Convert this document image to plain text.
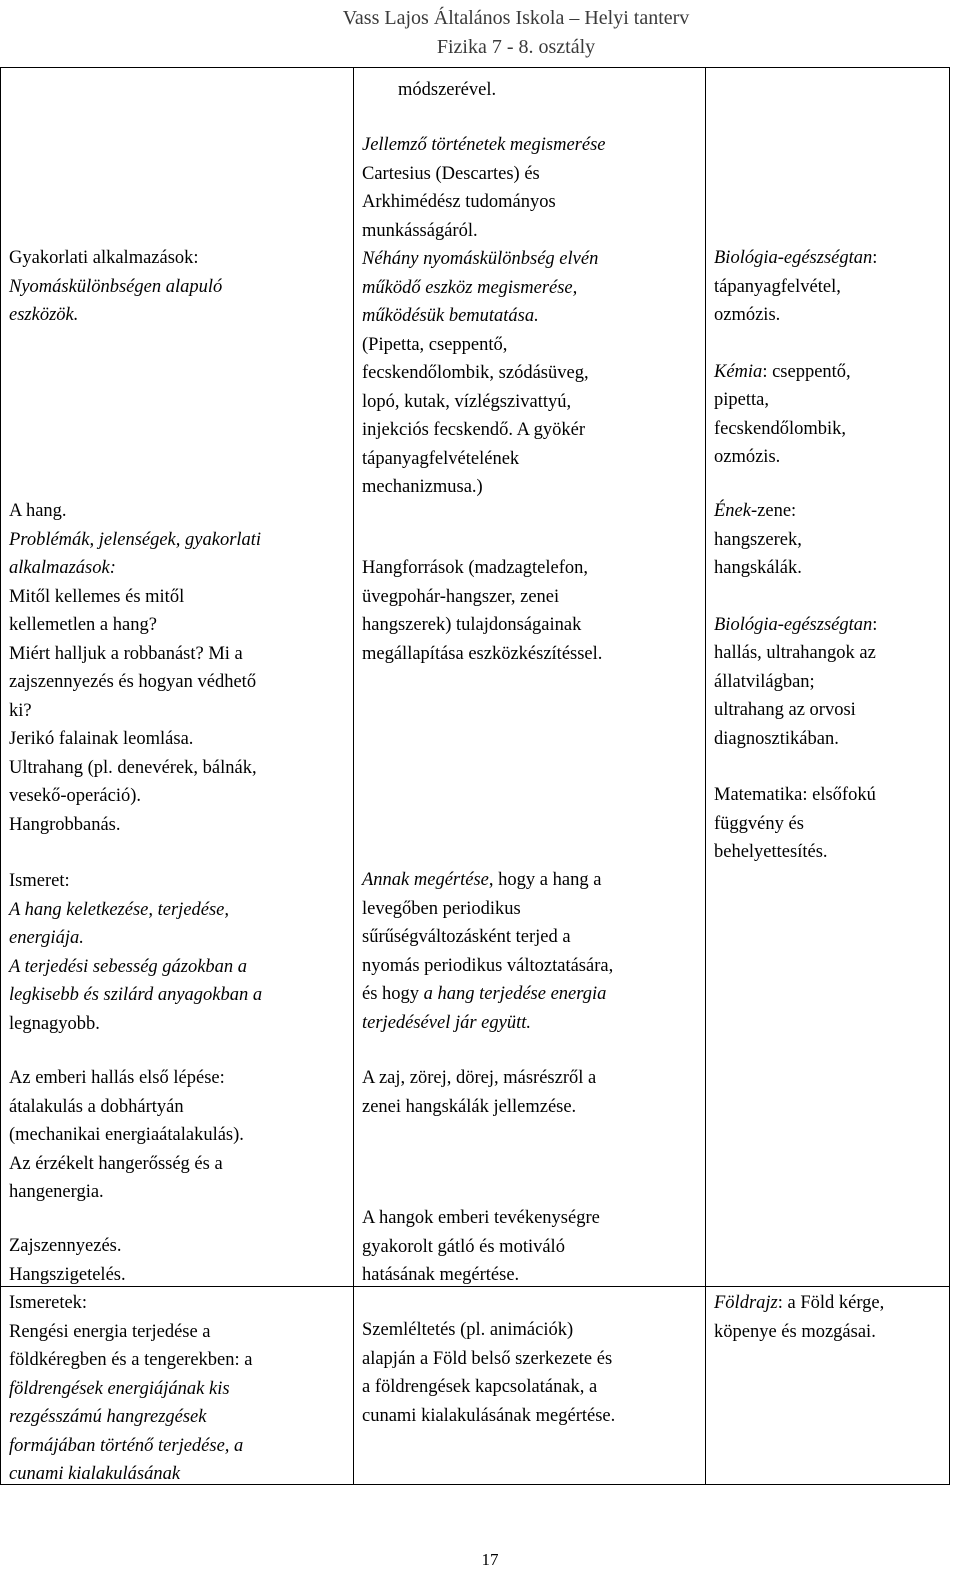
Vass Lajos Általános Iskola – Helyi tanterv
Fizika 7 - 8. osztály
módszerével.
Gyakorlati alkalmazások:
Nyomáskülönbségen alapuló
eszközök.
Jellemző történetek megismerése
Cartesius (Descartes) és
Arkhimédész tudományos
munkásságáról.
Néhány nyomáskülönbség elvén
működő eszköz megismerése,
működésük bemutatása.
(Pipetta, cseppentő,
fecskendőlombik, szódásüveg,
lopó, kutak, vízlégszivattyú,
injekciós fecskendő. A gyökér
tápanyagfelvételének
mechanizmusa.)
Biológia-egészségtan:
tápanyagfelvétel,
ozmózis.
Kémia: cseppentő,
pipetta,
fecskendőlombik,
ozmózis.
A hang.
Problémák, jelenségek, gyakorlati
alkalmazások:
Mitől kellemes és mitől
kellemetlen a hang?
Miért halljuk a robbanást? Mi a
zajszennyezés és hogyan védhető
ki?
Jerikó falainak leomlása.
Ultrahang (pl. denevérek, bálnák,
vesekő-operáció).
Hangrobbanás.
Ismeret:
A hang keletkezése, terjedése,
energiája.
A terjedési sebesség gázokban a
legkisebb és szilárd anyagokban a
legnagyobb.
Hangforrások (madzagtelefon,
üvegpohár-hangszer, zenei
hangszerek) tulajdonságainak
megállapítása eszközkészítéssel.
Annak megértése, hogy a hang a
levegőben periodikus
sűrűségváltozásként terjed a
nyomás periodikus változtatására,
és hogy a hang terjedése energia
terjedésével jár együtt.
Ének-zene:
hangszerek,
hangskálák.
Biológia-egészségtan:
hallás, ultrahangok az
állatvilágban;
ultrahang az orvosi
diagnosztikában.
Matematika: elsőfokú
függvény és
behelyettesítés.
Az emberi hallás első lépése:
átalakulás a dobhártyán
(mechanikai energiaátalakulás).
Az érzékelt hangerősség és a
hangenergia.
A zaj, zörej, dörej, másrészről a
zenei hangskálák jellemzése.
Zajszennyezés.
Hangszigetelés.
A hangok emberi tevékenységre
gyakorolt gátló és motiváló
hatásának megértése.
Ismeretek:
Rengési energia terjedése a
földkéregben és a tengerekben: a
földrengések energiájának kis
rezgésszámú hangrezgések
formájában történő terjedése, a
cunami kialakulásának
Szemléltetés (pl. animációk)
alapján a Föld belső szerkezete és
a földrengések kapcsolatának, a
cunami kialakulásának megértése.
Földrajz: a Föld kérge,
köpenye és mozgásai.
17
